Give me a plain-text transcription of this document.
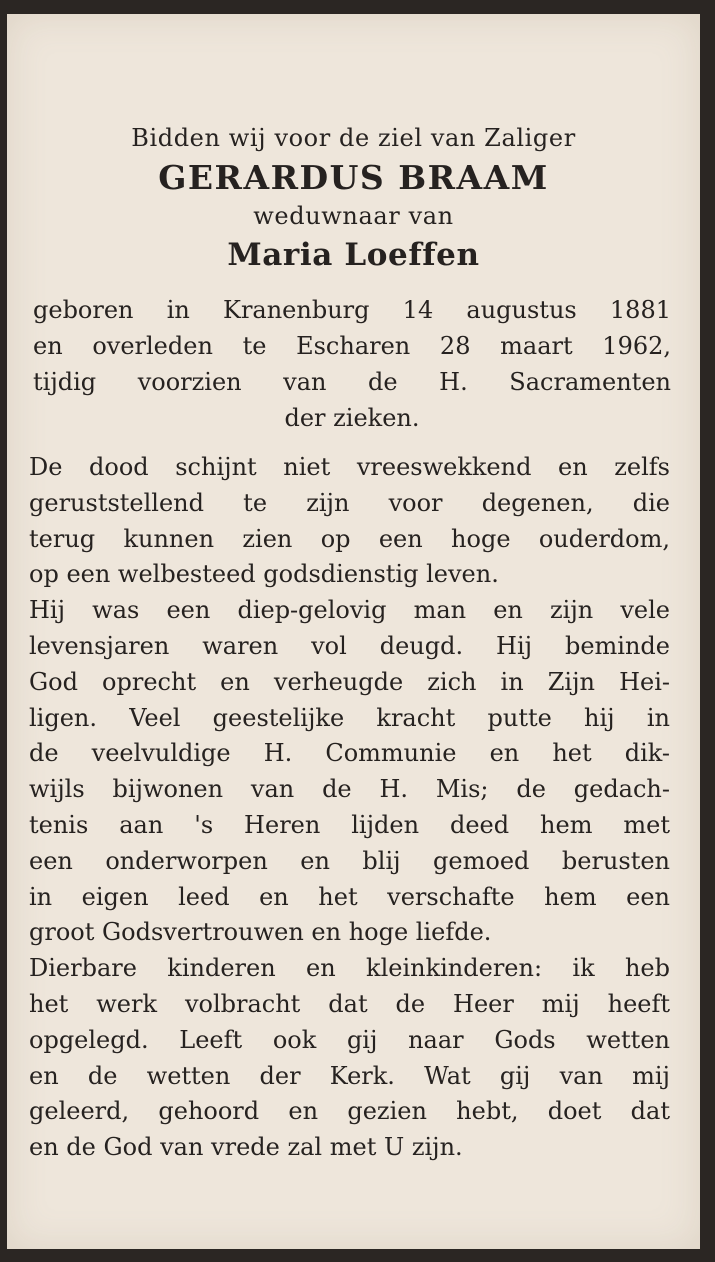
Bidden wij voor de ziel van Zaliger
GERARDUS BRAAM
weduwnaar van
Maria Loeffen
geboren in Kranenburg 14 augustus 1881
en overleden te Escharen 28 maart 1962,
tijdig voorzien van de H. Sacramenten
der zieken.
De dood schijnt niet vreeswekkend en zelfs
geruststellend te zijn voor degenen, die
terug kunnen zien op een hoge ouderdom,
op een welbesteed godsdienstig leven.
Hij was een diep-gelovig man en zijn vele
levensjaren waren vol deugd. Hij beminde
God oprecht en verheugde zich in Zijn Hei-
ligen. Veel geestelijke kracht putte hij in
de veelvuldige H. Communie en het dik-
wijls bijwonen van de H. Mis; de gedach-
tenis aan 's Heren lijden deed hem met
een onderworpen en blij gemoed berusten
in eigen leed en het verschafte hem een
groot Godsvertrouwen en hoge liefde.
Dierbare kinderen en kleinkinderen: ik heb
het werk volbracht dat de Heer mij heeft
opgelegd. Leeft ook gij naar Gods wetten
en de wetten der Kerk. Wat gij van mij
geleerd, gehoord en gezien hebt, doet dat
en de God van vrede zal met U zijn.
